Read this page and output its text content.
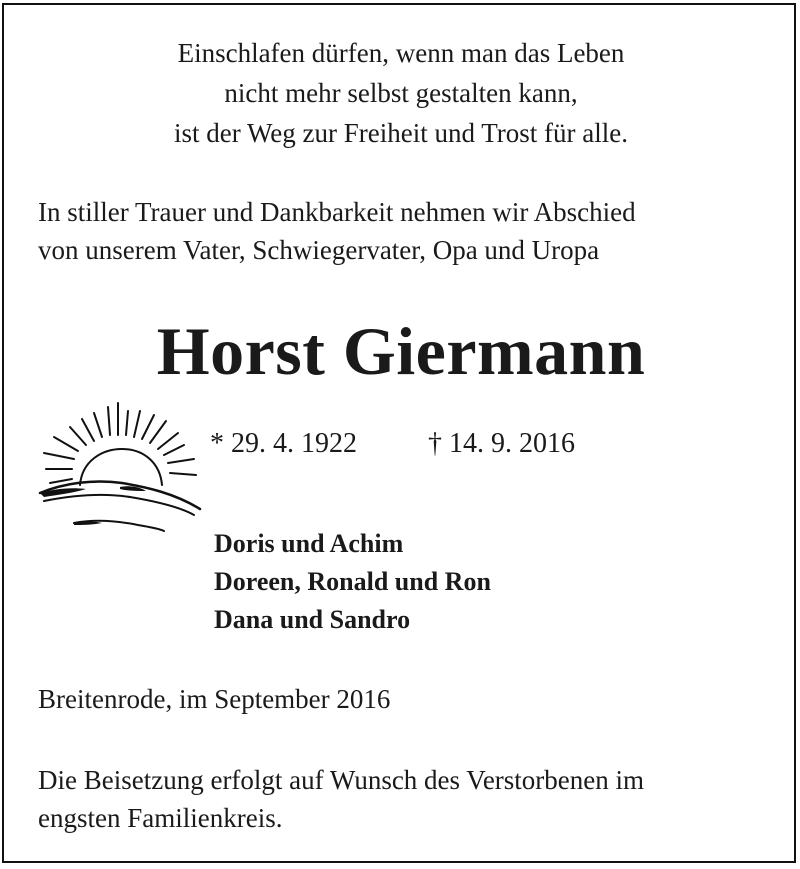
Einschlafen dürfen, wenn man das Leben
nicht mehr selbst gestalten kann,
ist der Weg zur Freiheit und Trost für alle.
In stiller Trauer und Dankbarkeit nehmen wir Abschied
von unserem Vater, Schwiegervater, Opa und Uropa
Horst Giermann
* 29. 4. 1922	† 14. 9. 2016
Doris und Achim
Doreen, Ronald und Ron
Dana und Sandro
Breitenrode, im September 2016
Die Beisetzung erfolgt auf Wunsch des Verstorbenen im
engsten Familienkreis.
